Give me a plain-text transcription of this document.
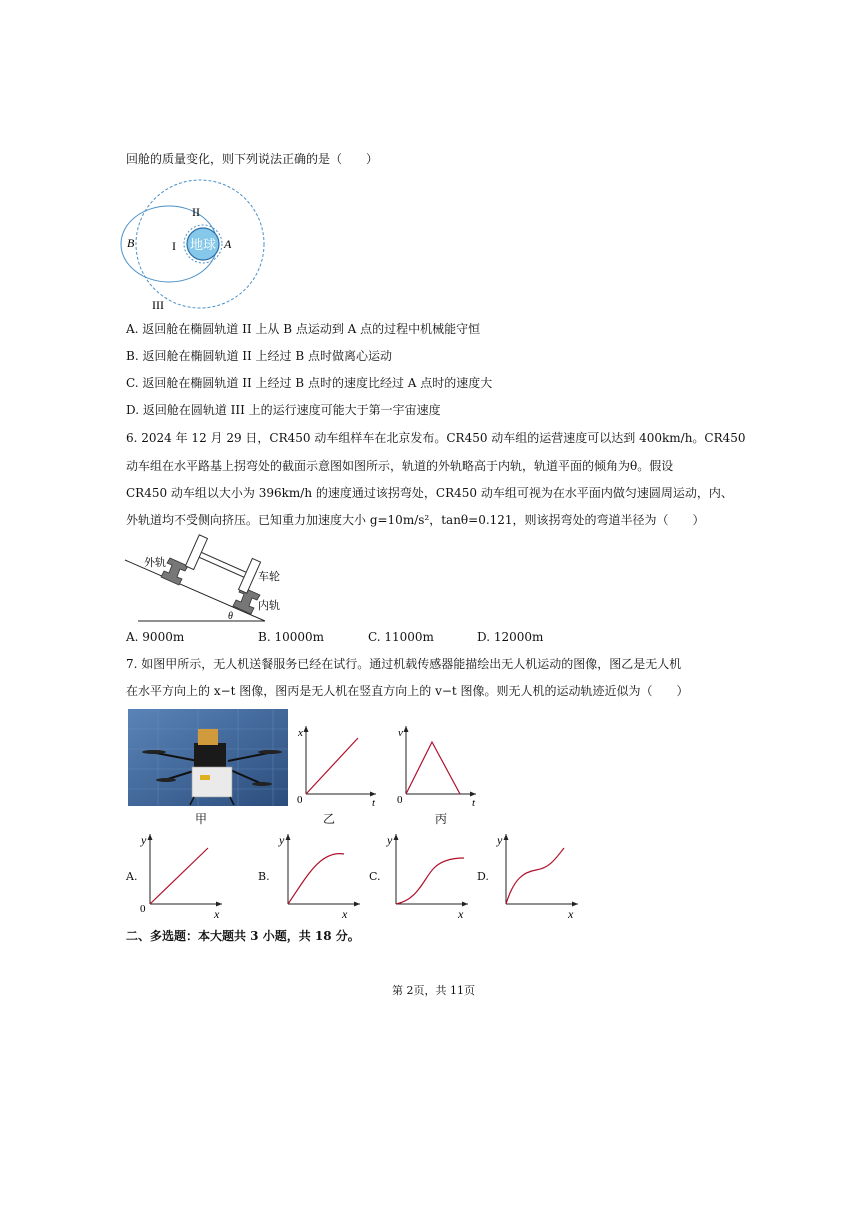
回舱的质量变化，则下列说法正确的是（　　）
地球
II
I
B	A
III
A. 返回舱在椭圆轨道 II 上从 B 点运动到 A 点的过程中机械能守恒
B. 返回舱在椭圆轨道 II 上经过 B 点时做离心运动
C. 返回舱在椭圆轨道 II 上经过 B 点时的速度比经过 A 点时的速度大
D. 返回舱在圆轨道 III 上的运行速度可能大于第一宇宙速度
6. 2024 年 12 月 29 日，CR450 动车组样车在北京发布。CR450 动车组的运营速度可以达到 400km/h。CR450
动车组在水平路基上拐弯处的截面示意图如图所示，轨道的外轨略高于内轨，轨道平面的倾角为θ。假设
CR450 动车组以大小为 396km/h 的速度通过该拐弯处，CR450 动车组可视为在水平面内做匀速圆周运动，内、
外轨道均不受侧向挤压。已知重力加速度大小 g=10m/s²，tanθ=0.121，则该拐弯处的弯道半径为（　　）
外轨
车轮
内轨
θ
A. 9000m	B. 10000m	C. 11000m	D. 12000m
7. 如图甲所示，无人机送餐服务已经在试行。通过机载传感器能描绘出无人机运动的图像，图乙是无人机
在水平方向上的 x−t 图像，图丙是无人机在竖直方向上的 v−t 图像。则无人机的运动轨迹近似为（　　）
x
t
0
v
t
0
甲	乙	丙
A.
y
x
0
B.
y
x
C.
y
x
D.
y
x
二、多选题：本大题共 3 小题，共 18 分。
第 2页，共 11页
